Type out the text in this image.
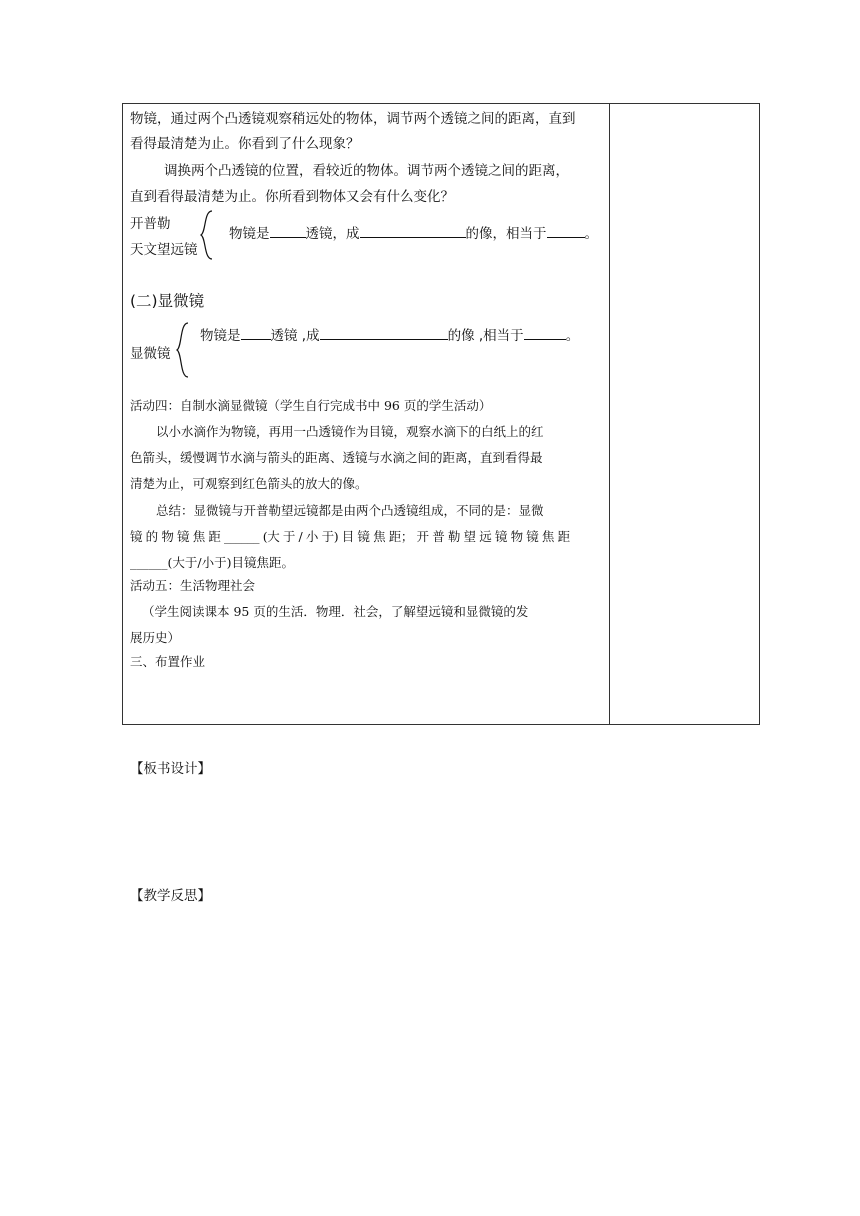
物镜，通过两个凸透镜观察稍远处的物体，调节两个透镜之间的距离，直到
看得最清楚为止。你看到了什么现象？
调换两个凸透镜的位置，看较近的物体。调节两个透镜之间的距离，
直到看得最清楚为止。你所看到物体又会有什么变化？
开普勒
天文望远镜
物镜是	透镜，成	的像，相当于	。
(二)显微镜
物镜是 透镜 ,成	的像 ,相当于	。
显微镜
活动四：自制水滴显微镜（学生自行完成书中 96 页的学生活动）
以小水滴作为物镜，再用一凸透镜作为目镜，观察水滴下的白纸上的红
色箭头，缓慢调节水滴与箭头的距离、透镜与水滴之间的距离，直到看得最
清楚为止，可观察到红色箭头的放大的像。
总结：显微镜与开普勒望远镜都是由两个凸透镜组成，不同的是：显微
镜 的 物 镜 焦 距 ______ (大 于 / 小 于) 目 镜 焦 距； 开 普 勒 望 远 镜 物 镜 焦 距
______(大于/小于)目镜焦距。
活动五：生活物理社会
（学生阅读课本 95 页的生活．物理．社会，了解望远镜和显微镜的发
展历史）
三、布置作业
【板书设计】
【教学反思】
